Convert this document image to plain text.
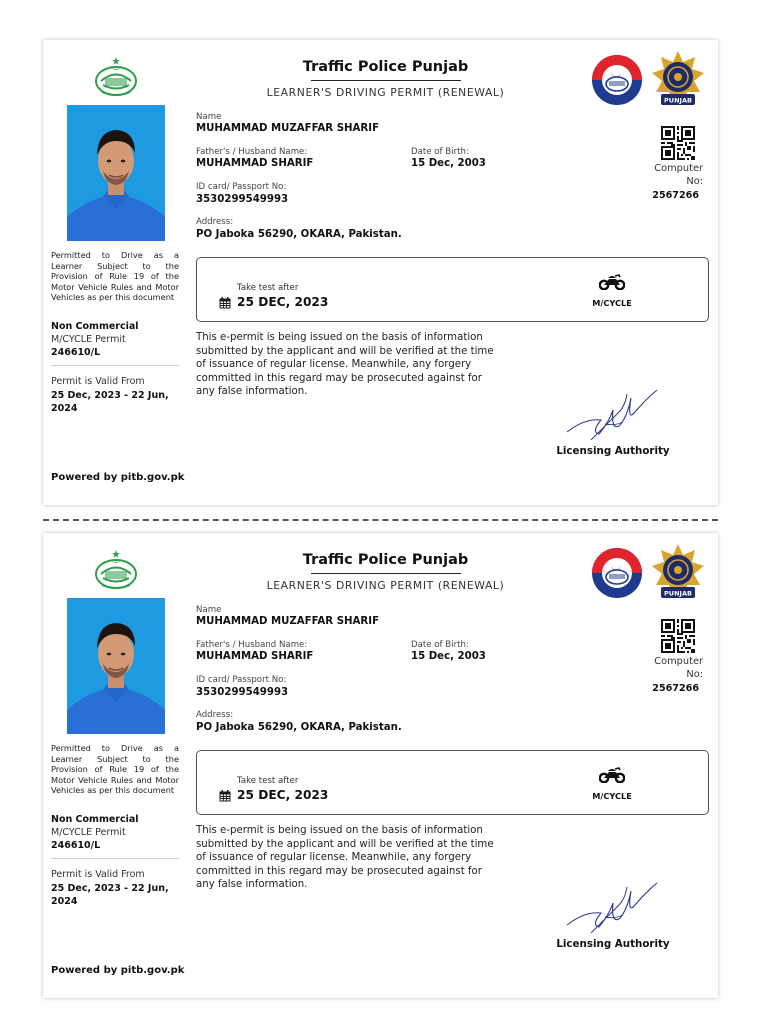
Permitted to Drive as a Learner Subject to the Provision of Rule 19 of the Motor Vehicle Rules and Motor Vehicles as per this document
Non Commercial
M/CYCLE Permit
246610/L
Permit is Valid From
25 Dec, 2023 - 22 Jun, 2024
Powered by pitb.gov.pk
Traffic Police Punjab
LEARNER'S DRIVING PERMIT (RENEWAL)
PUNJAB
Name
MUHAMMAD MUZAFFAR SHARIF
Father's / Husband Name:
MUHAMMAD SHARIF
Date of Birth:
15 Dec, 2003
ID card/ Passport No:
3530299549993
Address:
PO Jaboka 56290, OKARA, Pakistan.
Computer No:
2567266
Take test after
25 DEC, 2023	M/CYCLE
This e-permit is being issued on the basis of information submitted by the applicant and will be verified at the time of issuance of regular license. Meanwhile, any forgery committed in this regard may be prosecuted against for any false information.
Licensing Authority
Permitted to Drive as a Learner Subject to the Provision of Rule 19 of the Motor Vehicle Rules and Motor Vehicles as per this document
Non Commercial
M/CYCLE Permit
246610/L
Permit is Valid From
25 Dec, 2023 - 22 Jun, 2024
Powered by pitb.gov.pk
Traffic Police Punjab
LEARNER'S DRIVING PERMIT (RENEWAL)
PUNJAB
Name
MUHAMMAD MUZAFFAR SHARIF
Father's / Husband Name:
MUHAMMAD SHARIF
Date of Birth:
15 Dec, 2003
ID card/ Passport No:
3530299549993
Address:
PO Jaboka 56290, OKARA, Pakistan.
Computer No:
2567266
Take test after
25 DEC, 2023	M/CYCLE
This e-permit is being issued on the basis of information submitted by the applicant and will be verified at the time of issuance of regular license. Meanwhile, any forgery committed in this regard may be prosecuted against for any false information.
Licensing Authority
